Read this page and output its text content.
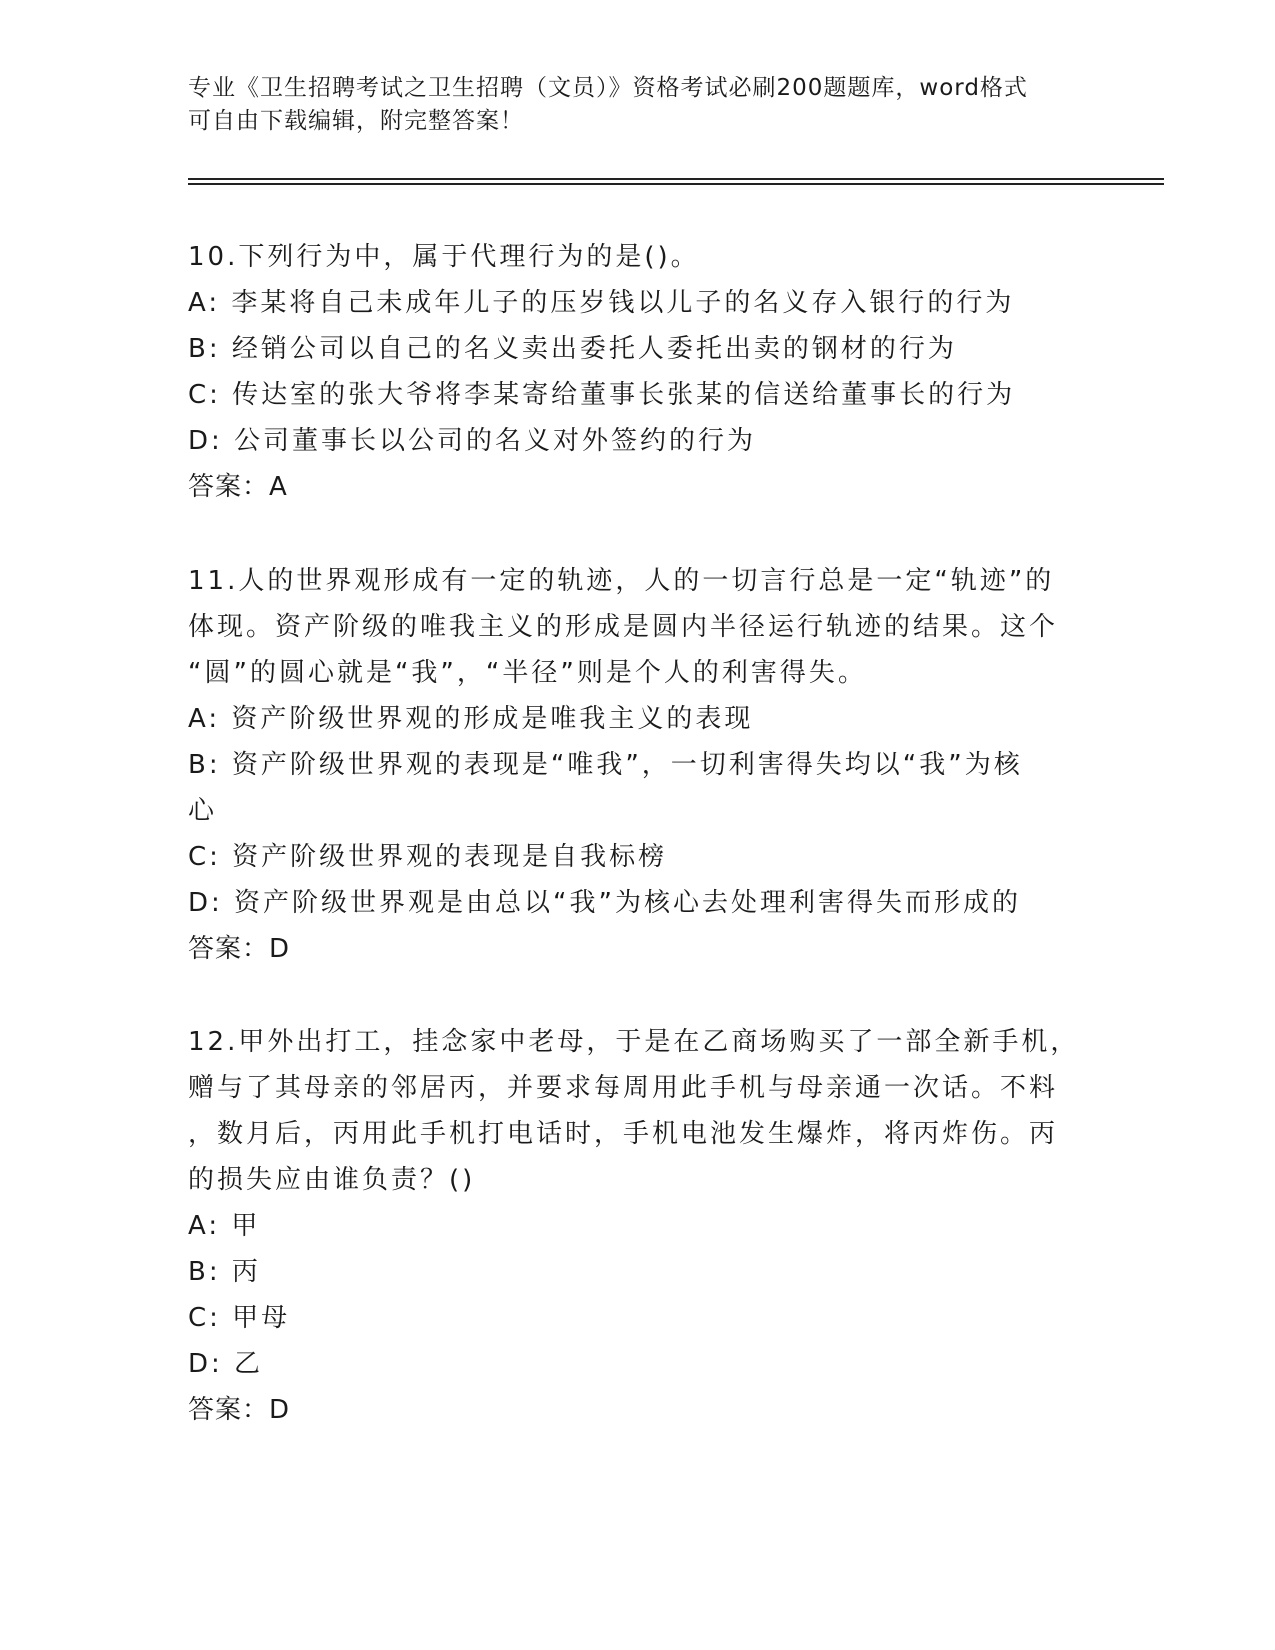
专业《卫生招聘考试之卫生招聘（文员）》资格考试必刷200题题库，word格式
可自由下载编辑，附完整答案！
10.下列行为中，属于代理行为的是()。
A: 李某将自己未成年儿子的压岁钱以儿子的名义存入银行的行为
B: 经销公司以自己的名义卖出委托人委托出卖的钢材的行为
C: 传达室的张大爷将李某寄给董事长张某的信送给董事长的行为
D: 公司董事长以公司的名义对外签约的行为
答案：A
11.人的世界观形成有一定的轨迹，人的一切言行总是一定“轨迹”的
体现。资产阶级的唯我主义的形成是圆内半径运行轨迹的结果。这个
“圆”的圆心就是“我”，“半径”则是个人的利害得失。
A: 资产阶级世界观的形成是唯我主义的表现
B: 资产阶级世界观的表现是“唯我”，一切利害得失均以“我”为核
心
C: 资产阶级世界观的表现是自我标榜
D: 资产阶级世界观是由总以“我”为核心去处理利害得失而形成的
答案：D
12.甲外出打工，挂念家中老母，于是在乙商场购买了一部全新手机，
赠与了其母亲的邻居丙，并要求每周用此手机与母亲通一次话。不料
，数月后，丙用此手机打电话时，手机电池发生爆炸，将丙炸伤。丙
的损失应由谁负责？()
A: 甲
B: 丙
C: 甲母
D: 乙
答案：D
